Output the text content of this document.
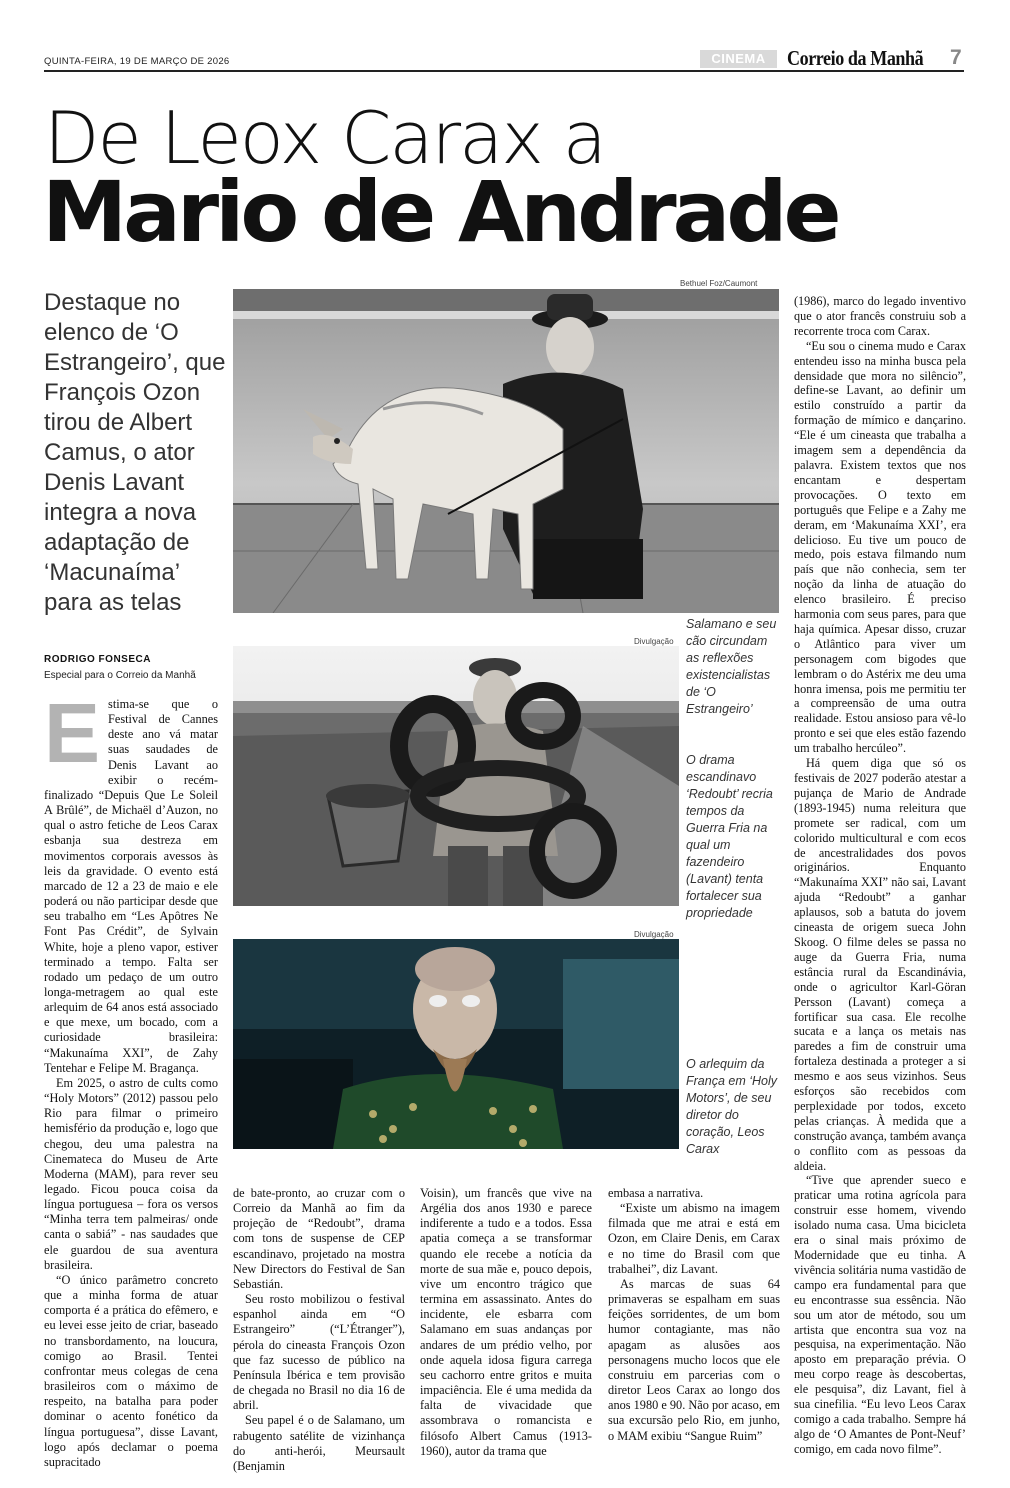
QUINTA-FEIRA, 19 DE MARÇO DE 2026	CINEMA	Correio da Manhã 7
De Leox Carax a
Mario de Andrade
Destaque no elenco de ‘O Estrangeiro’, que François Ozon tirou de Albert Camus, o ator Denis Lavant integra a nova adaptação de ‘Macunaíma’ para as telas
RODRIGO FONSECA
Especial para o Correio da Manhã
Bethuel Foz/Caumont
Salamano e seu cão circundam as reflexões existencialistas de ‘O Estrangeiro’
Divulgação
O drama escandinavo ‘Redoubt’ recria tempos da Guerra Fria na qual um fazendeiro (Lavant) tenta fortalecer sua propriedade
Divulgação
O arlequim da França em ‘Holy Motors’, de seu diretor do coração, Leos Carax

Estima-se que o Festival de Cannes deste ano vá matar suas saudades de Denis Lavant ao exibir o recém-finalizado “Depuis Que Le Soleil A Brûlé”, de Michaël d’Auzon, no qual o astro fetiche de Leos Carax esbanja sua destreza em movimentos corporais avessos às leis da gravidade. O evento está marcado de 12 a 23 de maio e ele poderá ou não participar desde que seu trabalho em “Les Apôtres Ne Font Pas Crédit”, de Sylvain White, hoje a pleno vapor, estiver terminado a tempo. Falta ser rodado um pedaço de um outro longa-metragem ao qual este arlequim de 64 anos está associado e que mexe, um bocado, com a curiosidade brasileira: “Makunaíma XXI”, de Zahy Tentehar e Felipe M. Bragança.

Em 2025, o astro de cults como “Holy Motors” (2012) passou pelo Rio para filmar o primeiro hemisfério da produção e, logo que chegou, deu uma palestra na Cinemateca do Museu de Arte Moderna (MAM), para rever seu legado. Ficou pouca coisa da língua portuguesa – fora os versos “Minha terra tem palmeiras/ onde canta o sabiá” - nas saudades que ele guardou de sua aventura brasileira.

“O único parâmetro concreto que a minha forma de atuar comporta é a prática do efêmero, e eu levei esse jeito de criar, baseado no transbordamento, na loucura, comigo ao Brasil. Tentei confrontar meus colegas de cena brasileiros com o máximo de respeito, na batalha para poder dominar o acento fonético da língua portuguesa”, disse Lavant, logo após declamar o poema supracitado

de bate-pronto, ao cruzar com o Correio da Manhã ao fim da projeção de “Redoubt”, drama com tons de suspense de CEP escandinavo, projetado na mostra New Directors do Festival de San Sebastián.

Seu rosto mobilizou o festival espanhol ainda em “O Estrangeiro” (“L’Étranger”), pérola do cineasta François Ozon que faz sucesso de público na Península Ibérica e tem provisão de chegada no Brasil no dia 16 de abril.

Seu papel é o de Salamano, um rabugento satélite de vizinhança do anti-herói, Meursault (Benjamin

Voisin), um francês que vive na Argélia dos anos 1930 e parece indiferente a tudo e a todos. Essa apatia começa a se transformar quando ele recebe a notícia da morte de sua mãe e, pouco depois, vive um encontro trágico que termina em assassinato. Antes do incidente, ele esbarra com Salamano em suas andanças por andares de um prédio velho, por onde aquela idosa figura carrega seu cachorro entre gritos e muita impaciência. Ele é uma medida da falta de vivacidade que assombrava o romancista e filósofo Albert Camus (1913-1960), autor da trama que

embasa a narrativa.

“Existe um abismo na imagem filmada que me atrai e está em Ozon, em Claire Denis, em Carax e no time do Brasil com que trabalhei”, diz Lavant.

As marcas de suas 64 primaveras se espalham em suas feições sorridentes, de um bom humor contagiante, mas não apagam as alusões aos personagens mucho locos que ele construiu em parcerias com o diretor Leos Carax ao longo dos anos 1980 e 90. Não por acaso, em sua excursão pelo Rio, em junho, o MAM exibiu “Sangue Ruim”

(1986), marco do legado inventivo que o ator francês construiu sob a recorrente troca com Carax.

“Eu sou o cinema mudo e Carax entendeu isso na minha busca pela densidade que mora no silêncio”, define-se Lavant, ao definir um estilo construído a partir da formação de mímico e dançarino. “Ele é um cineasta que trabalha a imagem sem a dependência da palavra. Existem textos que nos encantam e despertam provocações. O texto em português que Felipe e a Zahy me deram, em ‘Makunaíma XXI’, era delicioso. Eu tive um pouco de medo, pois estava filmando num país que não conhecia, sem ter noção da linha de atuação do elenco brasileiro. É preciso harmonia com seus pares, para que haja química. Apesar disso, cruzar o Atlântico para viver um personagem com bigodes que lembram o do Astérix me deu uma honra imensa, pois me permitiu ter a compreensão de uma outra realidade. Estou ansioso para vê-lo pronto e sei que eles estão fazendo um trabalho hercúleo”.

Há quem diga que só os festivais de 2027 poderão atestar a pujança de Mario de Andrade (1893-1945) numa releitura que promete ser radical, com um colorido multicultural e com ecos de ancestralidades dos povos originários. Enquanto “Makunaíma XXI” não sai, Lavant ajuda “Redoubt” a ganhar aplausos, sob a batuta do jovem cineasta de origem sueca John Skoog. O filme deles se passa no auge da Guerra Fria, numa estância rural da Escandinávia, onde o agricultor Karl-Göran Persson (Lavant) começa a fortificar sua casa. Ele recolhe sucata e a lança os metais nas paredes a fim de construir uma fortaleza destinada a proteger a si mesmo e aos seus vizinhos. Seus esforços são recebidos com perplexidade por todos, exceto pelas crianças. À medida que a construção avança, também avança o conflito com as pessoas da aldeia.

“Tive que aprender sueco e praticar uma rotina agrícola para construir esse homem, vivendo isolado numa casa. Uma bicicleta era o sinal mais próximo de Modernidade que eu tinha. A vivência solitária numa vastidão de campo era fundamental para que eu encontrasse sua essência. Não sou um ator de método, sou um artista que encontra sua voz na pesquisa, na experimentação. Não aposto em preparação prévia. O meu corpo reage às descobertas, ele pesquisa”, diz Lavant, fiel à sua cinefilia. “Eu levo Leos Carax comigo a cada trabalho. Sempre há algo de ‘O Amantes de Pont-Neuf’ comigo, em cada novo filme”.
